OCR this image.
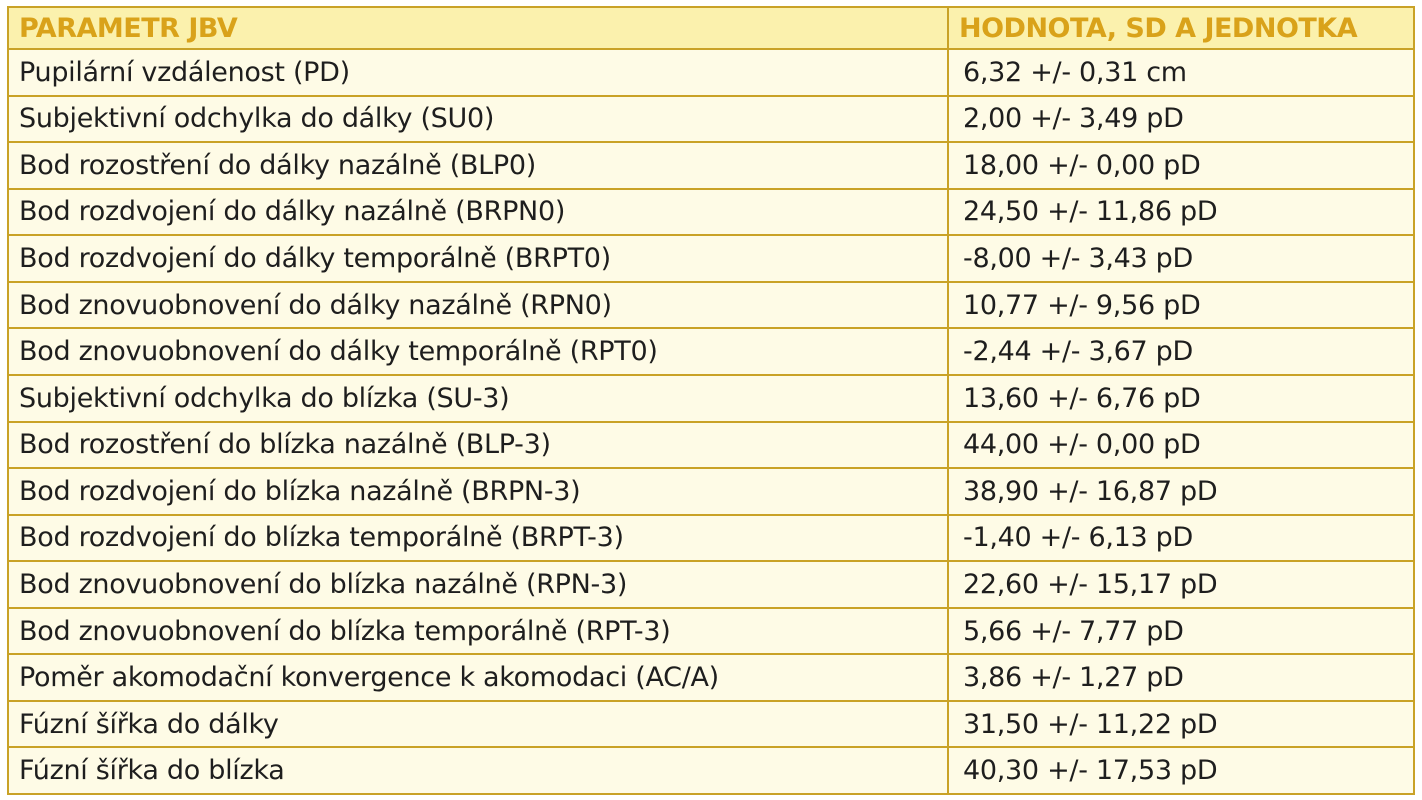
PARAMETR JBV	HODNOTA, SD A JEDNOTKA
Pupilární vzdálenost (PD)	6,32 +/- 0,31 cm
Subjektivní odchylka do dálky (SU0)	2,00 +/- 3,49 pD
Bod rozostření do dálky nazálně (BLP0)	18,00 +/- 0,00 pD
Bod rozdvojení do dálky nazálně (BRPN0)	24,50 +/- 11,86 pD
Bod rozdvojení do dálky temporálně (BRPT0)	-8,00 +/- 3,43 pD
Bod znovuobnovení do dálky nazálně (RPN0)	10,77 +/- 9,56 pD
Bod znovuobnovení do dálky temporálně (RPT0)	-2,44 +/- 3,67 pD
Subjektivní odchylka do blízka (SU-3)	13,60 +/- 6,76 pD
Bod rozostření do blízka nazálně (BLP-3)	44,00 +/- 0,00 pD
Bod rozdvojení do blízka nazálně (BRPN-3)	38,90 +/- 16,87 pD
Bod rozdvojení do blízka temporálně (BRPT-3)	-1,40 +/- 6,13 pD
Bod znovuobnovení do blízka nazálně (RPN-3)	22,60 +/- 15,17 pD
Bod znovuobnovení do blízka temporálně (RPT-3)	5,66 +/- 7,77 pD
Poměr akomodační konvergence k akomodaci (AC/A)	3,86 +/- 1,27 pD
Fúzní šířka do dálky	31,50 +/- 11,22 pD
Fúzní šířka do blízka	40,30 +/- 17,53 pD
